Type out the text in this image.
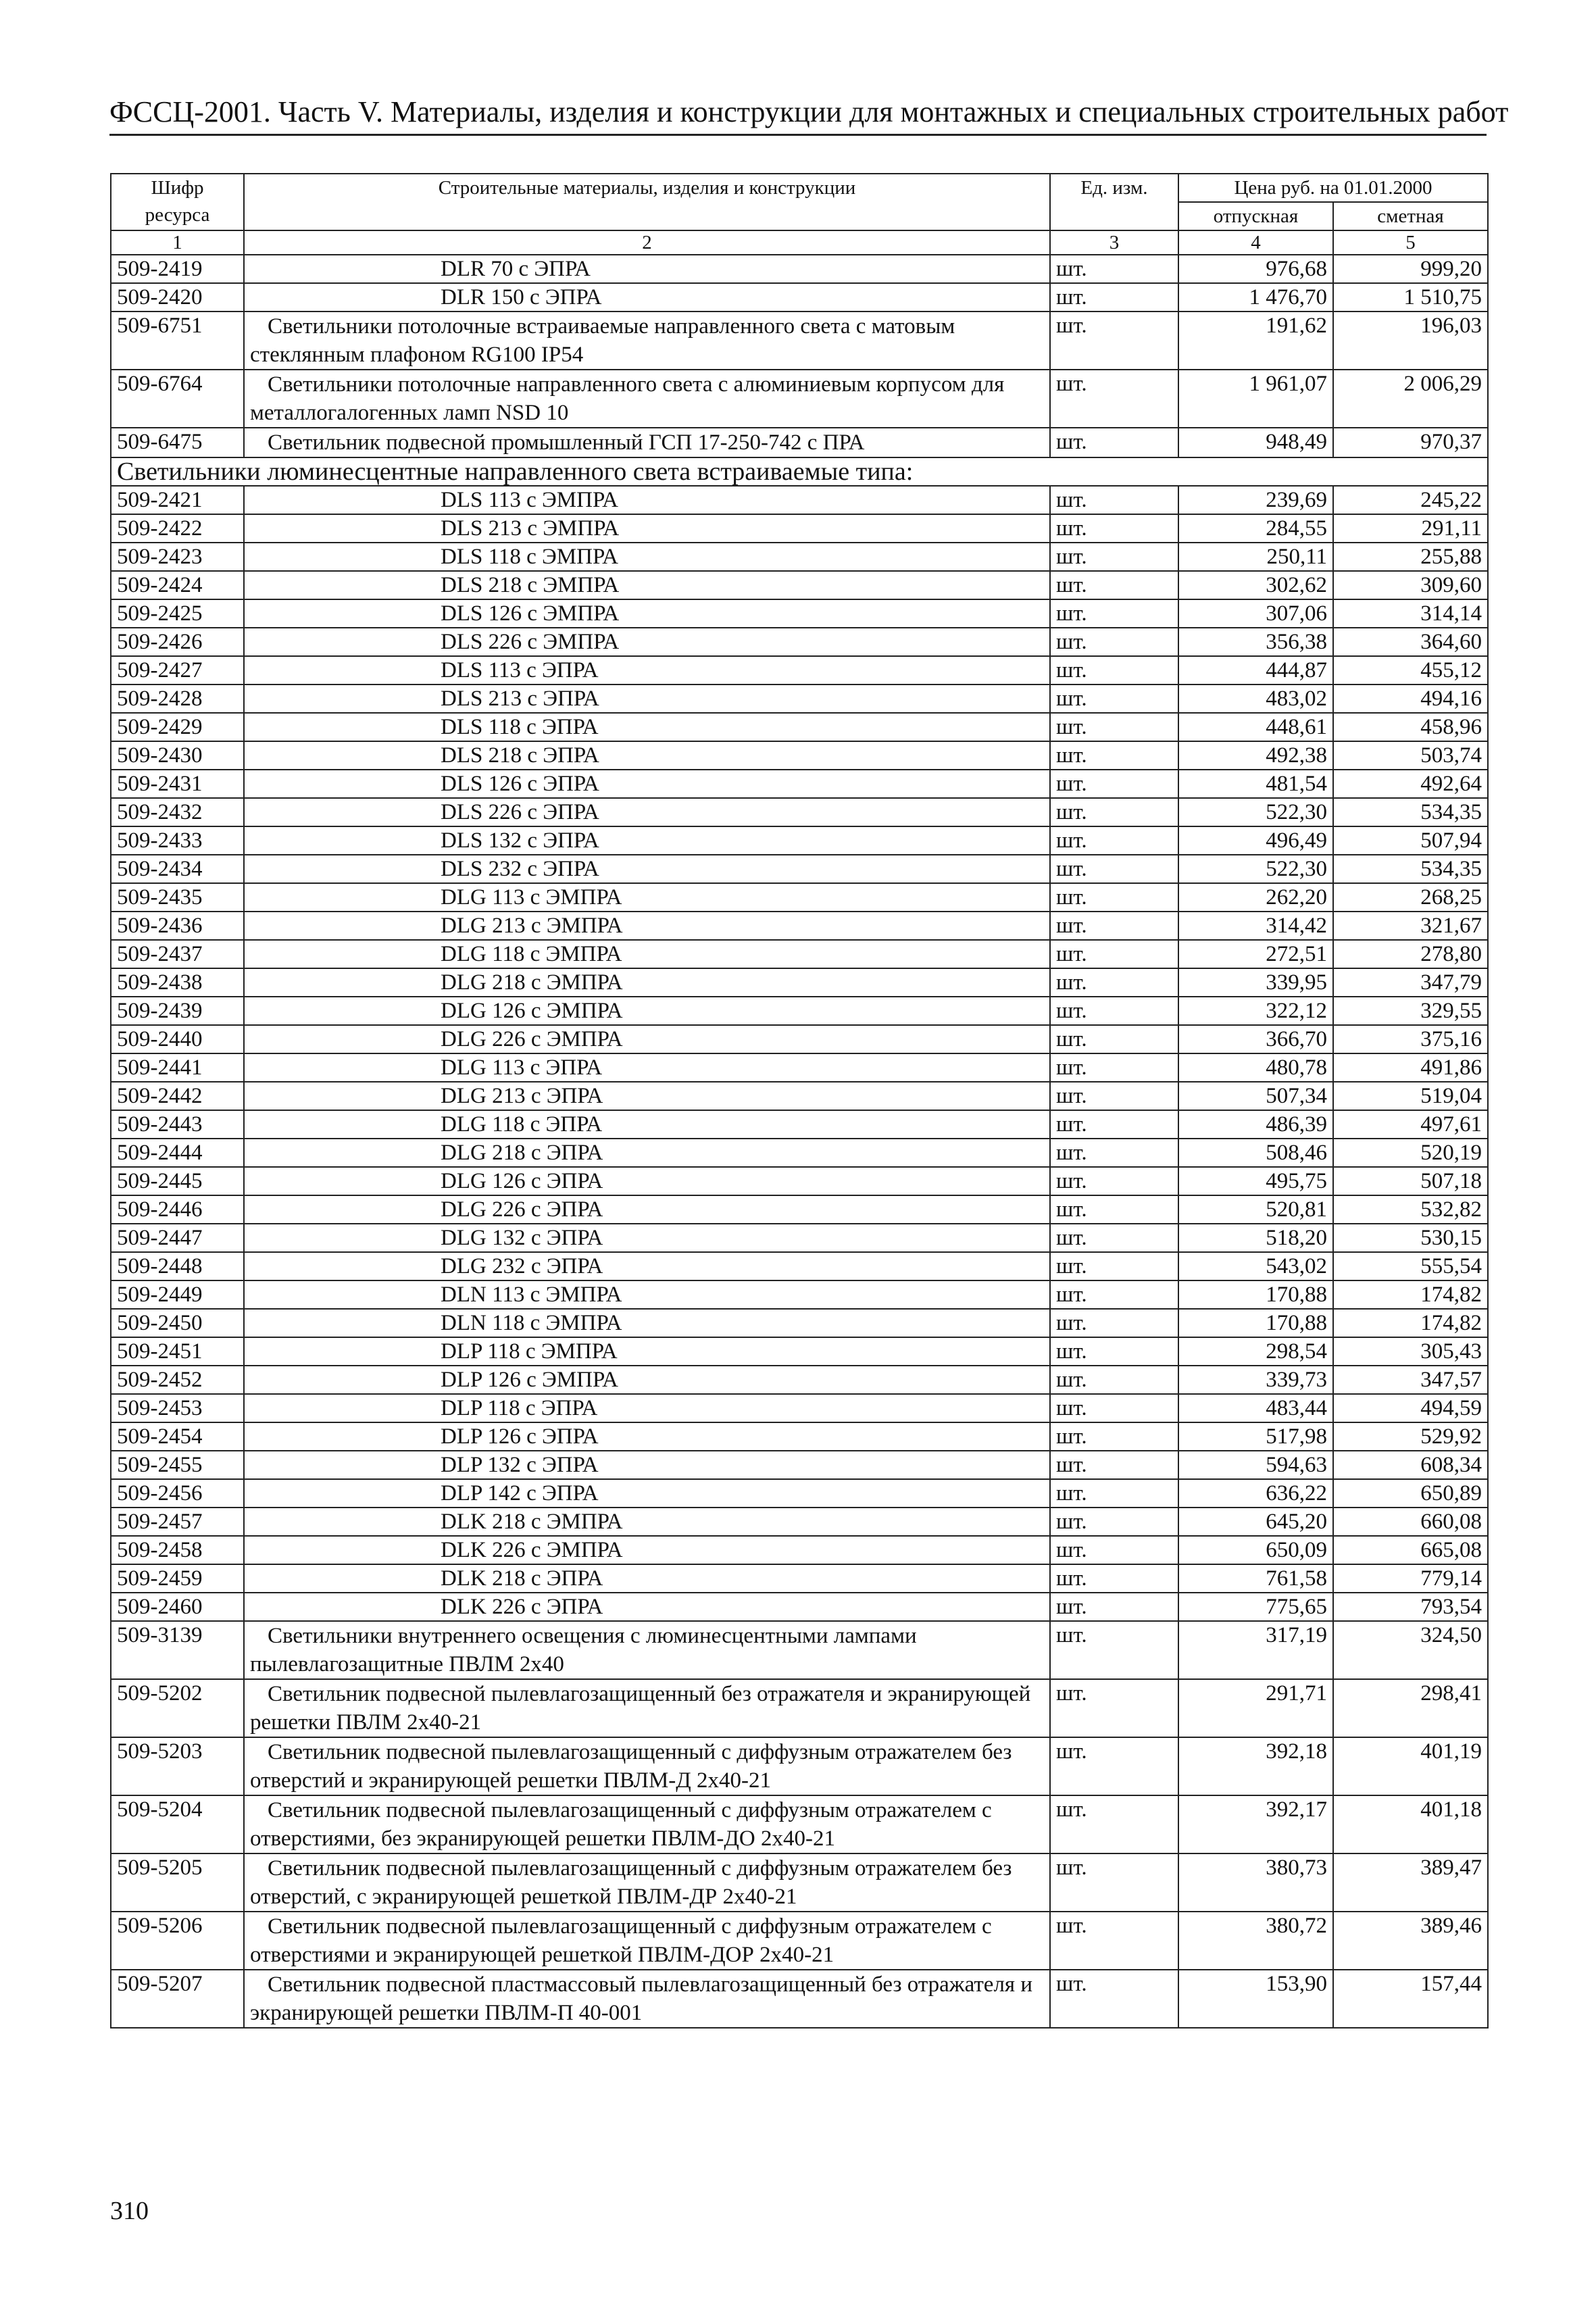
ФССЦ-2001. Часть V. Материалы, изделия и конструкции для монтажных и специальных строительных работ
Шифр ресурса	Строительные материалы, изделия и конструкции	Ед. изм.	Цена руб. на 01.01.2000	
			отпускная	сметная
1	2	3	4	5
509-2419	DLR 70 с ЭПРА	шт.	976,68	999,20
509-2420	DLR 150 с ЭПРА	шт.	1 476,70	1 510,75
509-6751	Светильники потолочные встраиваемые направленного света с матовым стеклянным плафоном RG100 IP54	шт.	191,62	196,03
509-6764	Светильники потолочные направленного света с алюминиевым корпусом для металлогалогенных ламп NSD 10	шт.	1 961,07	2 006,29
509-6475	Светильник подвесной промышленный ГСП 17-250-742 с ПРА	шт.	948,49	970,37
Светильники люминесцентные направленного света встраиваемые типа:				
509-2421	DLS 113 с ЭМПРА	шт.	239,69	245,22
509-2422	DLS 213 с ЭМПРА	шт.	284,55	291,11
509-2423	DLS 118 с ЭМПРА	шт.	250,11	255,88
509-2424	DLS 218 с ЭМПРА	шт.	302,62	309,60
509-2425	DLS 126 с ЭМПРА	шт.	307,06	314,14
509-2426	DLS 226 с ЭМПРА	шт.	356,38	364,60
509-2427	DLS 113 с ЭПРА	шт.	444,87	455,12
509-2428	DLS 213 с ЭПРА	шт.	483,02	494,16
509-2429	DLS 118 с ЭПРА	шт.	448,61	458,96
509-2430	DLS 218 с ЭПРА	шт.	492,38	503,74
509-2431	DLS 126 с ЭПРА	шт.	481,54	492,64
509-2432	DLS 226 с ЭПРА	шт.	522,30	534,35
509-2433	DLS 132 с ЭПРА	шт.	496,49	507,94
509-2434	DLS 232 с ЭПРА	шт.	522,30	534,35
509-2435	DLG 113 с ЭМПРА	шт.	262,20	268,25
509-2436	DLG 213 с ЭМПРА	шт.	314,42	321,67
509-2437	DLG 118 с ЭМПРА	шт.	272,51	278,80
509-2438	DLG 218 с ЭМПРА	шт.	339,95	347,79
509-2439	DLG 126 с ЭМПРА	шт.	322,12	329,55
509-2440	DLG 226 с ЭМПРА	шт.	366,70	375,16
509-2441	DLG 113 с ЭПРА	шт.	480,78	491,86
509-2442	DLG 213 с ЭПРА	шт.	507,34	519,04
509-2443	DLG 118 с ЭПРА	шт.	486,39	497,61
509-2444	DLG 218 с ЭПРА	шт.	508,46	520,19
509-2445	DLG 126 с ЭПРА	шт.	495,75	507,18
509-2446	DLG 226 с ЭПРА	шт.	520,81	532,82
509-2447	DLG 132 с ЭПРА	шт.	518,20	530,15
509-2448	DLG 232 с ЭПРА	шт.	543,02	555,54
509-2449	DLN 113 с ЭМПРА	шт.	170,88	174,82
509-2450	DLN 118 с ЭМПРА	шт.	170,88	174,82
509-2451	DLP 118 с ЭМПРА	шт.	298,54	305,43
509-2452	DLP 126 с ЭМПРА	шт.	339,73	347,57
509-2453	DLP 118 с ЭПРА	шт.	483,44	494,59
509-2454	DLP 126 с ЭПРА	шт.	517,98	529,92
509-2455	DLP 132 с ЭПРА	шт.	594,63	608,34
509-2456	DLP 142 с ЭПРА	шт.	636,22	650,89
509-2457	DLK 218 с ЭМПРА	шт.	645,20	660,08
509-2458	DLK 226 с ЭМПРА	шт.	650,09	665,08
509-2459	DLK 218 с ЭПРА	шт.	761,58	779,14
509-2460	DLK 226 с ЭПРА	шт.	775,65	793,54
509-3139	Светильники внутреннего освещения с люминесцентными лампами пылевлагозащитные ПВЛМ 2x40	шт.	317,19	324,50
509-5202	Светильник подвесной пылевлагозащищенный без отражателя и экранирующей решетки ПВЛМ 2x40-21	шт.	291,71	298,41
509-5203	Светильник подвесной пылевлагозащищенный с диффузным отражателем без отверстий и экранирующей решетки ПВЛМ-Д 2x40-21	шт.	392,18	401,19
509-5204	Светильник подвесной пылевлагозащищенный с диффузным отражателем с отверстиями, без экранирующей решетки ПВЛМ-ДО 2x40-21	шт.	392,17	401,18
509-5205	Светильник подвесной пылевлагозащищенный с диффузным отражателем без отверстий, с экранирующей решеткой ПВЛМ-ДР 2x40-21	шт.	380,73	389,47
509-5206	Светильник подвесной пылевлагозащищенный с диффузным отражателем с отверстиями и экранирующей решеткой ПВЛМ-ДОР 2x40-21	шт.	380,72	389,46
509-5207	Светильник подвесной пластмассовый пылевлагозащищенный без отражателя и экранирующей решетки ПВЛМ-П 40-001	шт.	153,90	157,44
310
